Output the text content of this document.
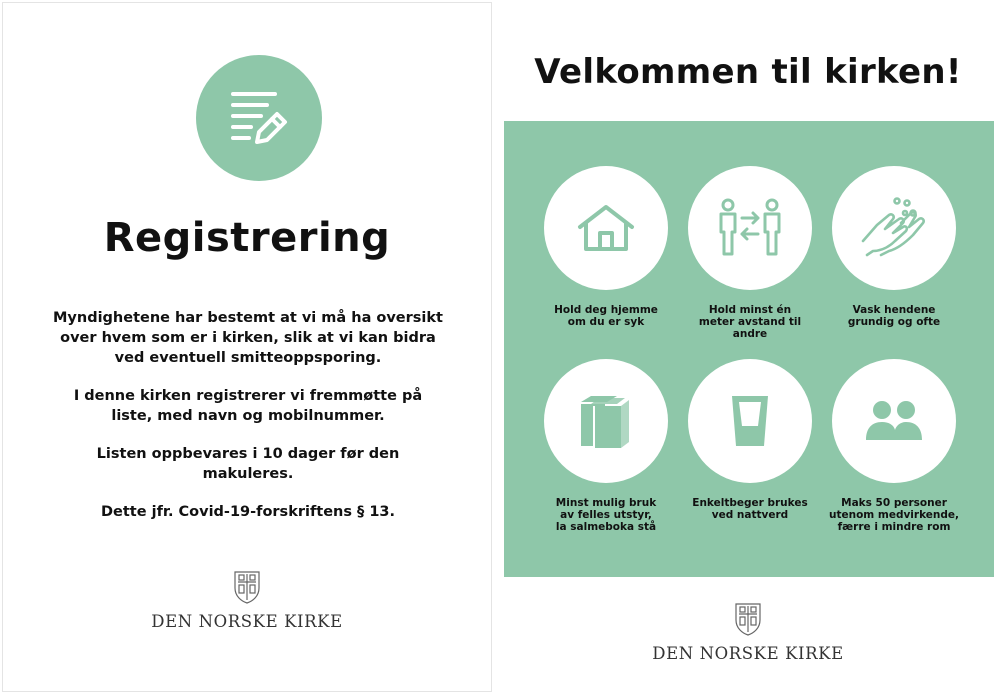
Registrering

Myndighetene har bestemt at vi må ha oversikt
over hvem som er i kirken, slik at vi kan bidra
ved eventuell smitteoppsporing.

I denne kirken registrerer vi fremmøtte på
liste, med navn og mobilnummer.

Listen oppbevares i 10 dager før den
makuleres.

Dette jfr. Covid-19-forskriftens § 13.

DEN NORSKE KIRKE
Velkommen til kirken!
Hold deg hjemme
om du er syk
Hold minst én
meter avstand til
andre
Vask hendene
grundig og ofte
Minst mulig bruk
av felles utstyr,
la salmeboka stå
Enkeltbeger brukes
ved nattverd
Maks 50 personer
utenom medvirkende,
færre i mindre rom
DEN NORSKE KIRKE
